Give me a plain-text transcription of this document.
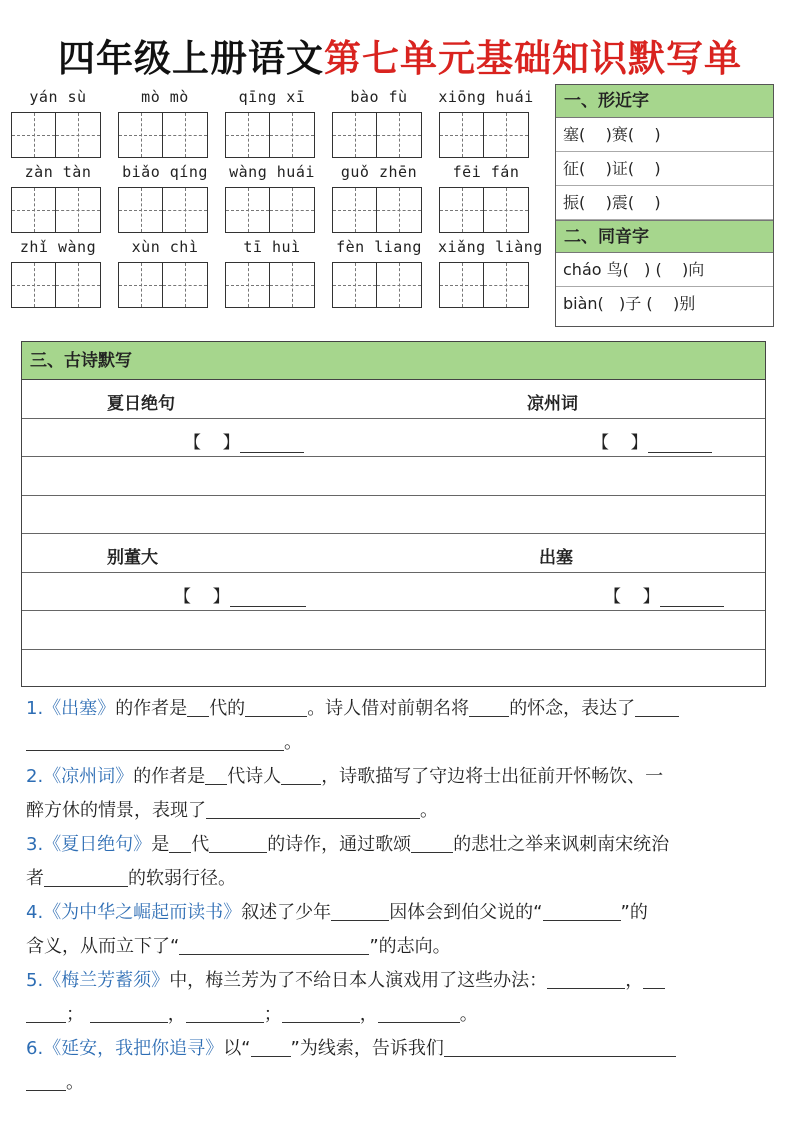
四年级上册语文第七单元基础知识默写单
yán sù	mò mò	qīng xī	bào fù	xiōng huái
zàn tàn	biǎo qíng	wàng huái	guǒ zhēn	fēi fán
zhǐ wàng	xùn chì	tī huì	fèn liang	xiǎng liàng
一、形近字
塞(    )赛(    )
征(    )证(    )
振(    )震(    )
二、同音字
cháo 鸟(   ) (    )向
biàn(   )子 (    )别
三、古诗默写
夏日绝句	凉州词
【    】	【    】
别董大	出塞
【    】	【    】
1.《出塞》的作者是 代的	。诗人借对前朝名将 的怀念，表达了
。
2.《凉州词》的作者是 代诗人 ，诗歌描写了守边将士出征前开怀畅饮、一
醉方休的情景，表现了	。
3.《夏日绝句》是 代	的诗作，通过歌颂 的悲壮之举来讽刺南宋统治
者	的软弱行径。
4.《为中华之崛起而读书》叙述了少年	因体会到伯父说的“	”的
含义，从而立下了“	”的志向。
5.《梅兰芳蓄须》中，梅兰芳为了不给日本人演戏用了这些办法：	，
；	，	；	，	。
6.《延安，我把你追寻》以“ ”为线索，告诉我们
。
